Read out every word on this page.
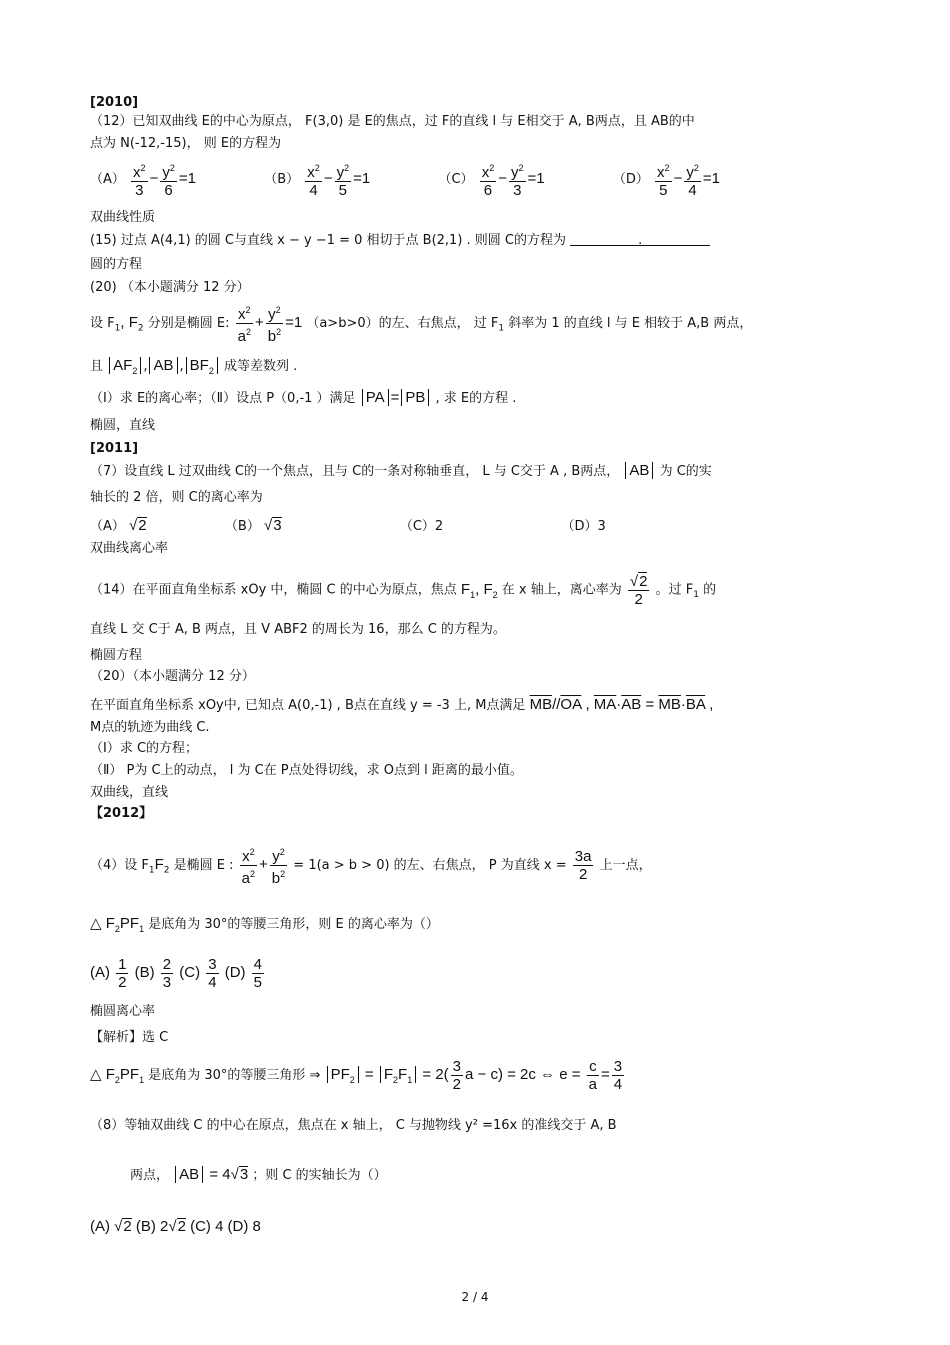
[2010]
（12）已知双曲线 E的中心为原点， F(3,0) 是 E的焦点，过 F的直线 l 与 E相交于 A, B两点，且 AB的中
点为 N(-12,-15)， 则 E的方程为
$(A) \frac{x^2}{3} - \frac{y^2}{6} =1$	$(B) \frac{x^2}{4} - \frac{y^2}{5} =1$	$(C) \frac{x^2}{6} - \frac{y^2}{3} =1$	$(D) \frac{x^2}{5} - \frac{y^2}{4} =1$
双曲线性质
(15) 过点 A(4,1) 的圆 C与直线 x − y −1 = 0 相切于点 B(2,1) . 则圆 C的方程为	.
圆的方程
(20) （本小题满分 12 分）
设 $F_1$, $F_2$ 分别是椭圆 E: $\frac{x^2}{a^2} + \frac{y^2}{b^2} =1$ （a>b>0）的左、右焦点， 过 $F_1$ 斜率为 1 的直线 l 与 E 相较于 A,B 两点，
且 $AF_2$ , AB , $BF_2$ 成等差数列 .
（Ⅰ）求 E的离心率；（Ⅱ）设点 P（0,-1 ）满足 PA = PB , 求 E的方程 .
椭圆，直线
[2011]
（7）设直线 L 过双曲线 C的一个焦点，且与 C的一条对称轴垂直， L 与 C交于 A , B两点， AB 为 C的实
轴长的 2 倍，则 C的离心率为
（A） √2	（B） √3	（C）2	（D）3
双曲线离心率
（14）在平面直角坐标系 xOy 中，椭圆 C 的中心为原点，焦点 $F_1$, $F_2$ 在 x 轴上，离心率为 $\frac{√2}{2}$ 。过 $F_1$ 的
直线 L 交 C于 A, B 两点，且 V ABF2 的周长为 16，那么 C 的方程为。
椭圆方程
（20）（本小题满分 12 分）
在平面直角坐标系 xOy中, 已知点 A(0,-1) , B点在直线 y = -3 上, M点满足 $\overline{MB}//\overline{OA}$ , $\overline{MA}\cdot\overline{AB} = \overline{MB}\cdot\overline{BA}$ ,
M点的轨迹为曲线 C.
（Ⅰ）求 C的方程；
（Ⅱ） P为 C上的动点， l 为 C在 P点处得切线，求 O点到 l 距离的最小值。
双曲线，直线
【2012】
（4）设 $F_1F_2$ 是椭圆 E : $\frac{x^2}{a^2} + \frac{y^2}{b^2} = 1(a > b > 0)$ 的左、右焦点， P 为直线 $x = \frac{3a}{2}$ 上一点，
△ $F_2PF_1$ 是底角为 30°的等腰三角形，则 E 的离心率为（）
$(A) \frac{1}{2} (B) \frac{2}{3} (C) \frac{3}{4} (D) \frac{4}{5}$
椭圆离心率
【解析】选 C
△ $F_2PF_1$ 是底角为 30°的等腰三角形 ⇒ $PF_2 = F_2F_1 = 2( \frac{3}{2}$ a − c) = 2c ⇔ $e = \frac{c}{a} = \frac{3}{4}$
（8）等轴双曲线 C 的中心在原点，焦点在 x 轴上， C 与抛物线 y² =16x 的准线交于 A, B
两点， AB = 4√3 ；则 C 的实轴长为（）
(A) √2 (B) 2√2 (C) 4 (D) 8
2 / 4
